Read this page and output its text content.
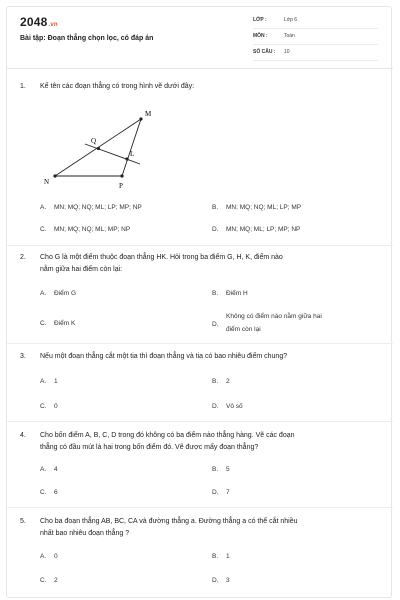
2048.vn
Bài tập: Đoạn thẳng chọn lọc, có đáp án
LỚP :	Lớp 6
MÔN :	Toán
SỐ CÂU : 10
1. Kể tên các đoạn thẳng có trong hình vẽ dưới đây:
M
Q
L
N	P
A. MN; MQ; NQ; ML; LP; MP; NP	B. MN; MQ; NQ; ML; LP; MP
C. MN; MQ; NQ; ML; MP; NP	D. MN; MQ; ML; LP; MP; NP
2. Cho G là một điểm thuộc đoạn thẳng HK. Hỏi trong ba điểm G, H, K, điểm nào
nằm giữa hai điểm còn lại:
A. Điểm G	B. Điểm H
C. Điểm K	D.
Không có điểm nào nằm giữa hai
điểm còn lại
3. Nếu một đoạn thẳng cắt một tia thì đoạn thẳng và tia có bao nhiêu điểm chung?
A. 1	B. 2
C. 0	D. Vô số
4. Cho bốn điểm A, B, C, D trong đó không có ba điểm nào thẳng hàng. Vẽ các đoạn
thẳng có đầu mút là hai trong bốn điểm đó. Vẽ được mấy đoạn thẳng?
A. 4	B. 5
C. 6	D. 7
5. Cho ba đoạn thẳng AB, BC, CA và đường thẳng a. Đường thẳng a có thể cắt nhiều
nhất bao nhiêu đoạn thẳng ?
A. 0	B. 1
C. 2	D. 3
